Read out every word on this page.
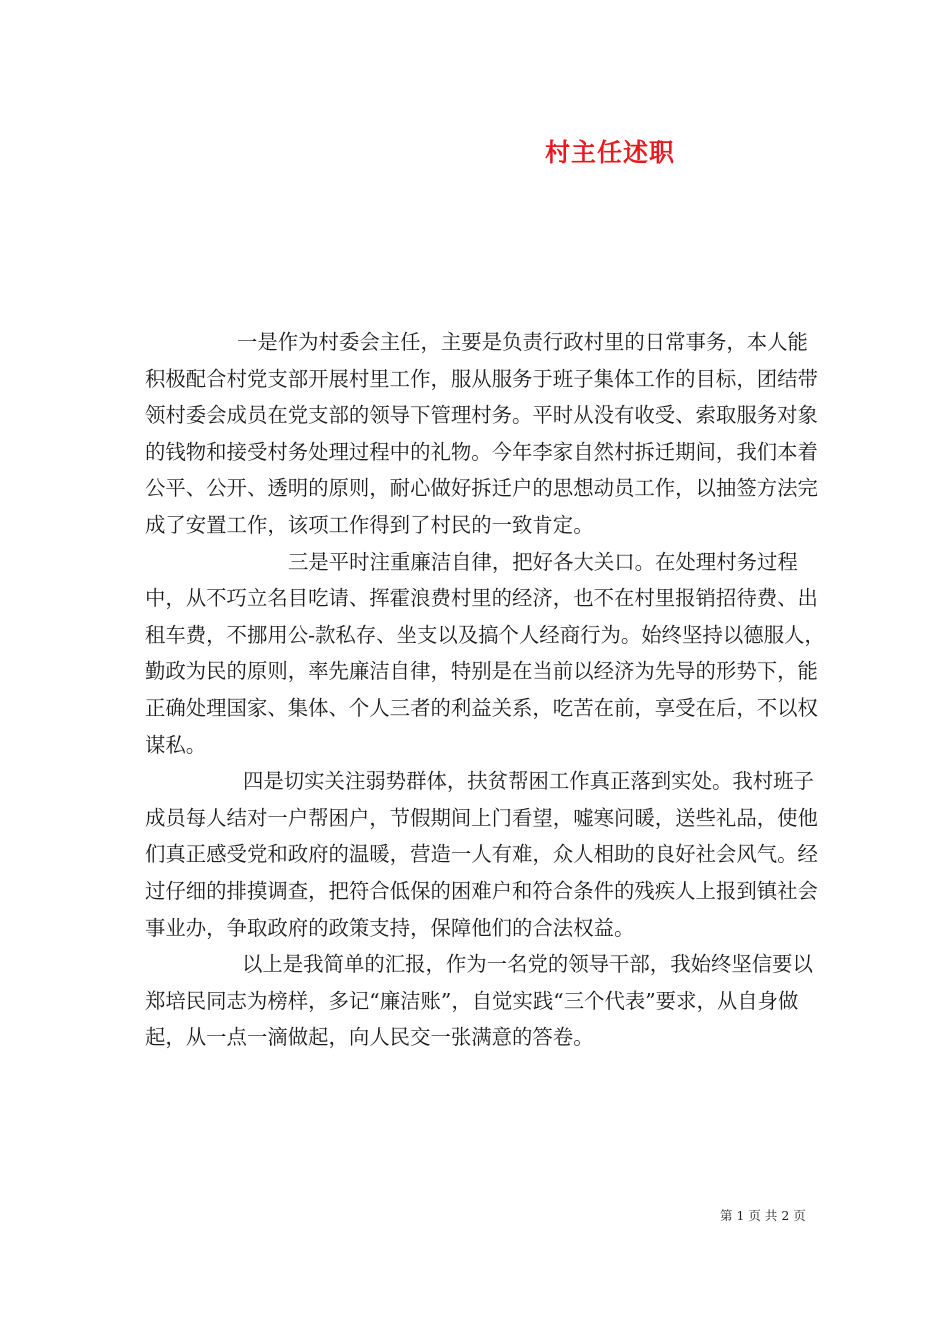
村主任述职

一是作为村委会主任，主要是负责行政村里的日常事务，本人能积极配合村党支部开展村里工作，服从服务于班子集体工作的目标，团结带领村委会成员在党支部的领导下管理村务。平时从没有收受、索取服务对象的钱物和接受村务处理过程中的礼物。今年李家自然村拆迁期间，我们本着公平、公开、透明的原则，耐心做好拆迁户的思想动员工作，以抽签方法完成了安置工作，该项工作得到了村民的一致肯定。

三是平时注重廉洁自律，把好各大关口。在处理村务过程中，从不巧立名目吃请、挥霍浪费村里的经济，也不在村里报销招待费、出租车费，不挪用公-款私存、坐支以及搞个人经商行为。始终坚持以德服人，勤政为民的原则，率先廉洁自律，特别是在当前以经济为先导的形势下，能正确处理国家、集体、个人三者的利益关系，吃苦在前，享受在后，不以权谋私。

四是切实关注弱势群体，扶贫帮困工作真正落到实处。我村班子成员每人结对一户帮困户，节假期间上门看望，嘘寒问暖，送些礼品，使他们真正感受党和政府的温暖，营造一人有难，众人相助的良好社会风气。经过仔细的排摸调查，把符合低保的困难户和符合条件的残疾人上报到镇社会事业办，争取政府的政策支持，保障他们的合法权益。

以上是我简单的汇报，作为一名党的领导干部，我始终坚信要以郑培民同志为榜样，多记“廉洁账”，自觉实践“三个代表”要求，从自身做起，从一点一滴做起，向人民交一张满意的答卷。

第 1 页 共 2 页
